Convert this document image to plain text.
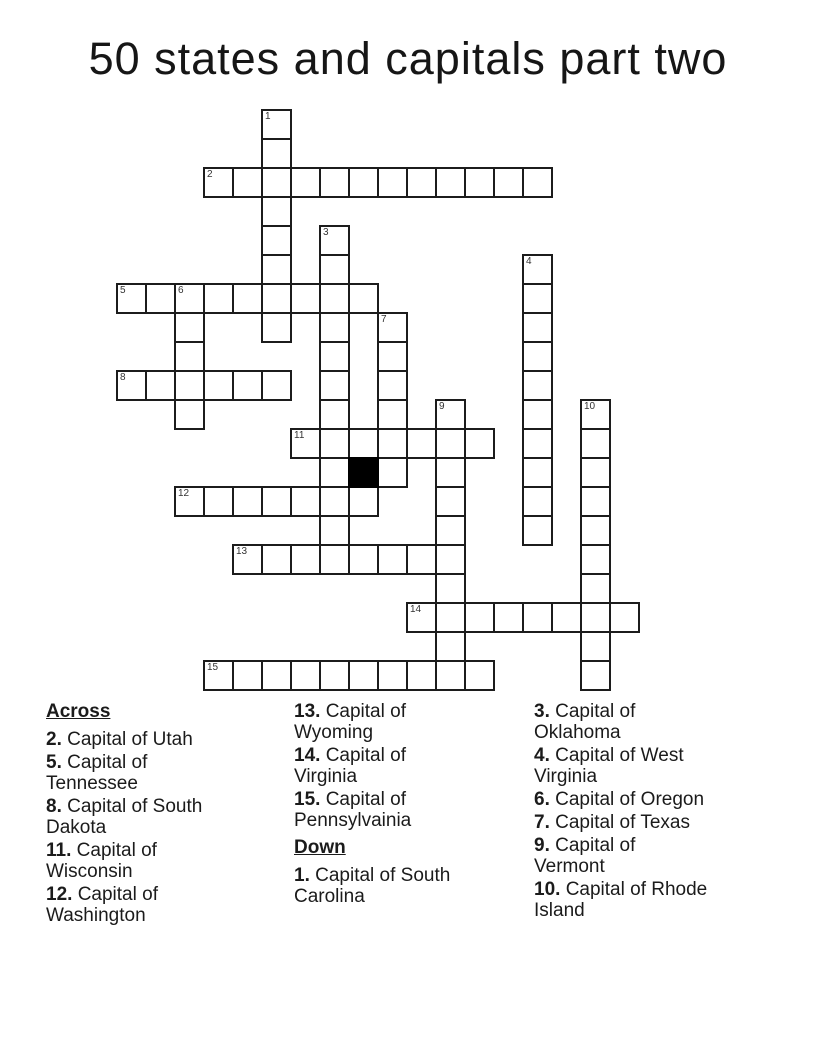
50 states and capitals part two
1
2
3
4
5	6
7
8
9	10
11
12
13
14
15
Across

2. Capital of Utah

5. Capital of Tennessee

8. Capital of South Dakota

11. Capital of Wisconsin

12. Capital of Washington

13. Capital of Wyoming

14. Capital of Virginia

15. Capital of Pennsylvainia

Down

1. Capital of South Carolina

3. Capital of Oklahoma

4. Capital of West Virginia

6. Capital of Oregon

7. Capital of Texas

9. Capital of Vermont

10. Capital of Rhode Island
